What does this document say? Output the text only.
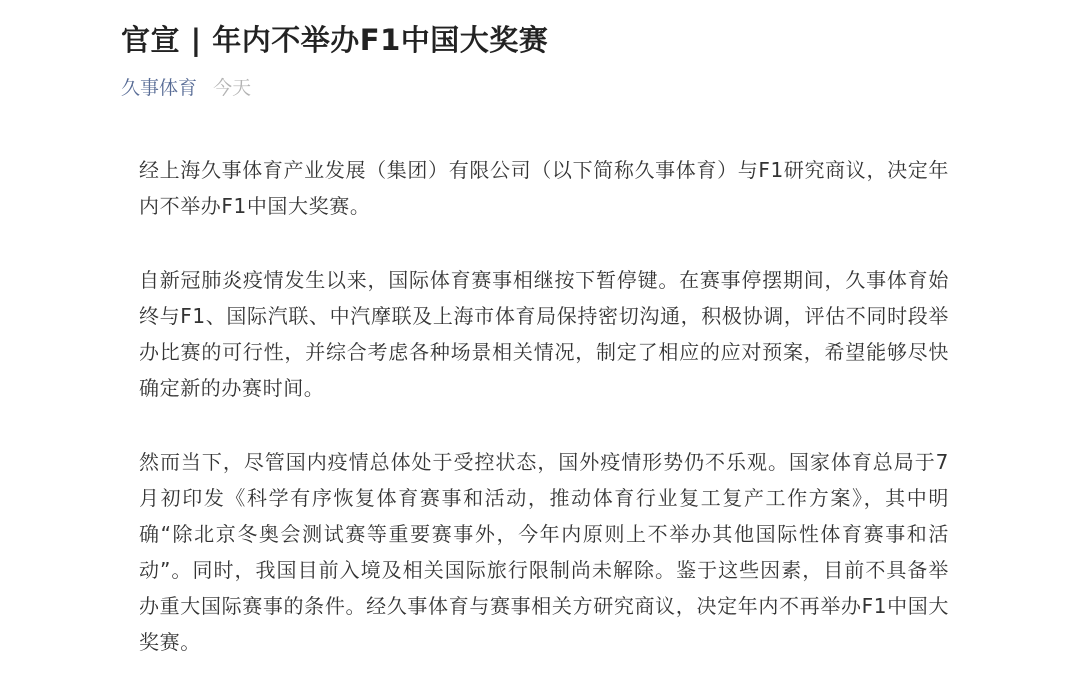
官宣 | 年内不举办F1中国大奖赛
久事体育 今天

经上海久事体育产业发展（集团）有限公司（以下简称久事体育）与F1研究商议，决定年内不举办F1中国大奖赛。

自新冠肺炎疫情发生以来，国际体育赛事相继按下暂停键。在赛事停摆期间，久事体育始终与F1、国际汽联、中汽摩联及上海市体育局保持密切沟通，积极协调，评估不同时段举办比赛的可行性，并综合考虑各种场景相关情况，制定了相应的应对预案，希望能够尽快确定新的办赛时间。

然而当下，尽管国内疫情总体处于受控状态，国外疫情形势仍不乐观。国家体育总局于7月初印发《科学有序恢复体育赛事和活动，推动体育行业复工复产工作方案》，其中明确“除北京冬奥会测试赛等重要赛事外，今年内原则上不举办其他国际性体育赛事和活动”。同时，我国目前入境及相关国际旅行限制尚未解除。鉴于这些因素，目前不具备举办重大国际赛事的条件。经久事体育与赛事相关方研究商议，决定年内不再举办F1中国大奖赛。
